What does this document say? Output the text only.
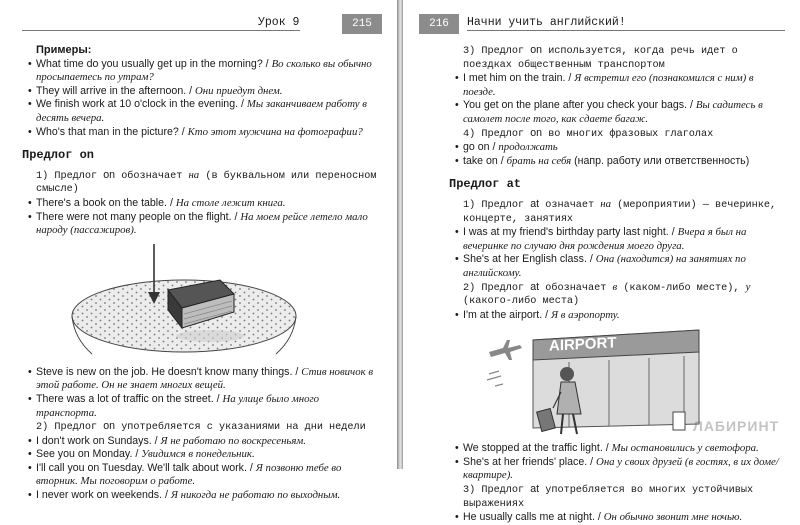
Урок 9	215

Примеры:

• What time do you usually get up in the morning? / Во сколько вы обычно просыпаетесь по утрам?

• They will arrive in the afternoon. / Они приедут днем.

• We finish work at 10 o'clock in the evening. / Мы заканчиваем работу в десять вечера.

• Who's that man in the picture? / Кто этот мужчина на фотографии?

Предлог on

1) Предлог on обозначает на (в буквальном или переносном смысле)

• There's a book on the table. / На столе лежит книга.

• There were not many people on the flight. / На моем рейсе летело мало народу (пассажиров).

• Steve is new on the job. He doesn't know many things. / Стив новичок в этой работе. Он не знает многих вещей.

• There was a lot of traffic on the street. / На улице было много транспорта.

2) Предлог on употребляется с указаниями на дни недели

• I don't work on Sundays. / Я не работаю по воскресеньям.

• See you on Monday. / Увидимся в понедельник.

• I'll call you on Tuesday. We'll talk about work. / Я позвоню тебе во вторник. Мы поговорим о работе.

• I never work on weekends. / Я никогда не работаю по выходным.

216	Начни учить английский!

3) Предлог on используется, когда речь идет о поездках общественным транспортом

• I met him on the train. / Я встретил его (познакомился с ним) в поезде.

• You get on the plane after you check your bags. / Вы садитесь в самолет после того, как сдаете багаж.

4) Предлог on во многих фразовых глаголах

• go on / продолжать

• take on / брать на себя (напр. работу или ответственность)

Предлог at

1) Предлог at означает на (мероприятии) — вечеринке, концерте, занятиях

• I was at my friend's birthday party last night. / Вчера я был на вечеринке по случаю дня рождения моего друга.

• She's at her English class. / Она (находится) на занятиях по английскому.

2) Предлог at обозначает в (каком-либо месте), у (какого-либо места)

• I'm at the airport. / Я в аэропорту.

AIRPORT

• We stopped at the traffic light. / Мы остановились у светофора.

• She's at her friends' place. / Она у своих друзей (в гостях, в их доме/квартире).

3) Предлог at употребляется во многих устойчивых выражениях

• He usually calls me at night. / Он обычно звонит мне ночью.

ЛАБИРИНТ
